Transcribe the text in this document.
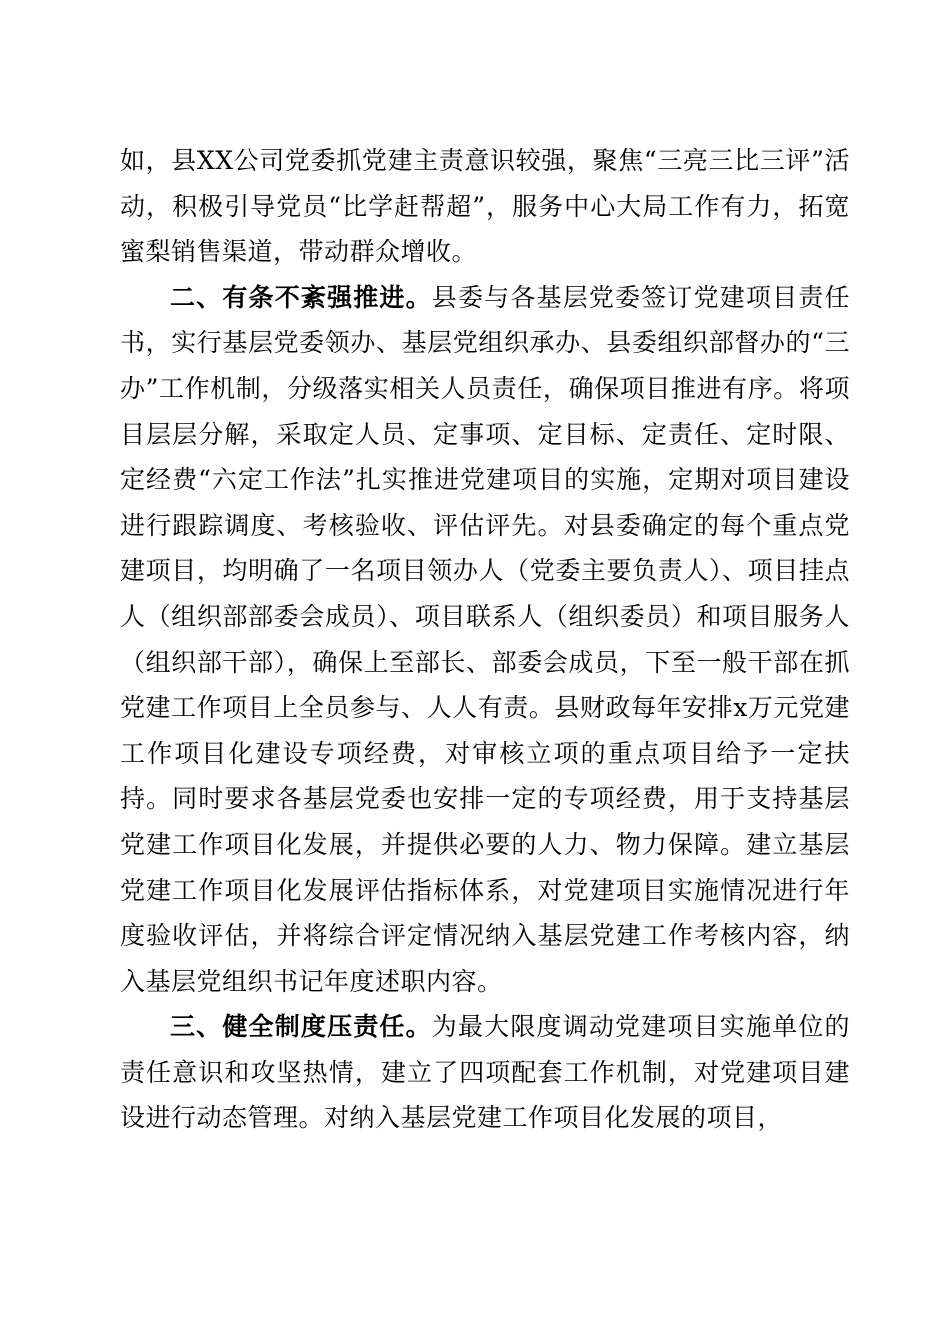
如，县XX公司党委抓党建主责意识较强，聚焦“三亮三比三评”活动，积极引导党员“比学赶帮超”，服务中心大局工作有力，拓宽蜜梨销售渠道，带动群众增收。

二、有条不紊强推进。县委与各基层党委签订党建项目责任书，实行基层党委领办、基层党组织承办、县委组织部督办的“三办”工作机制，分级落实相关人员责任，确保项目推进有序。将项目层层分解，采取定人员、定事项、定目标、定责任、定时限、定经费“六定工作法”扎实推进党建项目的实施，定期对项目建设进行跟踪调度、考核验收、评估评先。对县委确定的每个重点党建项目，均明确了一名项目领办人（党委主要负责人）、项目挂点人（组织部部委会成员）、项目联系人（组织委员）和项目服务人（组织部干部），确保上至部长、部委会成员，下至一般干部在抓党建工作项目上全员参与、人人有责。县财政每年安排x万元党建工作项目化建设专项经费，对审核立项的重点项目给予一定扶持。同时要求各基层党委也安排一定的专项经费，用于支持基层党建工作项目化发展，并提供必要的人力、物力保障。建立基层党建工作项目化发展评估指标体系，对党建项目实施情况进行年度验收评估，并将综合评定情况纳入基层党建工作考核内容，纳入基层党组织书记年度述职内容。

三、健全制度压责任。为最大限度调动党建项目实施单位的责任意识和攻坚热情，建立了四项配套工作机制，对党建项目建设进行动态管理。对纳入基层党建工作项目化发展的项目，
